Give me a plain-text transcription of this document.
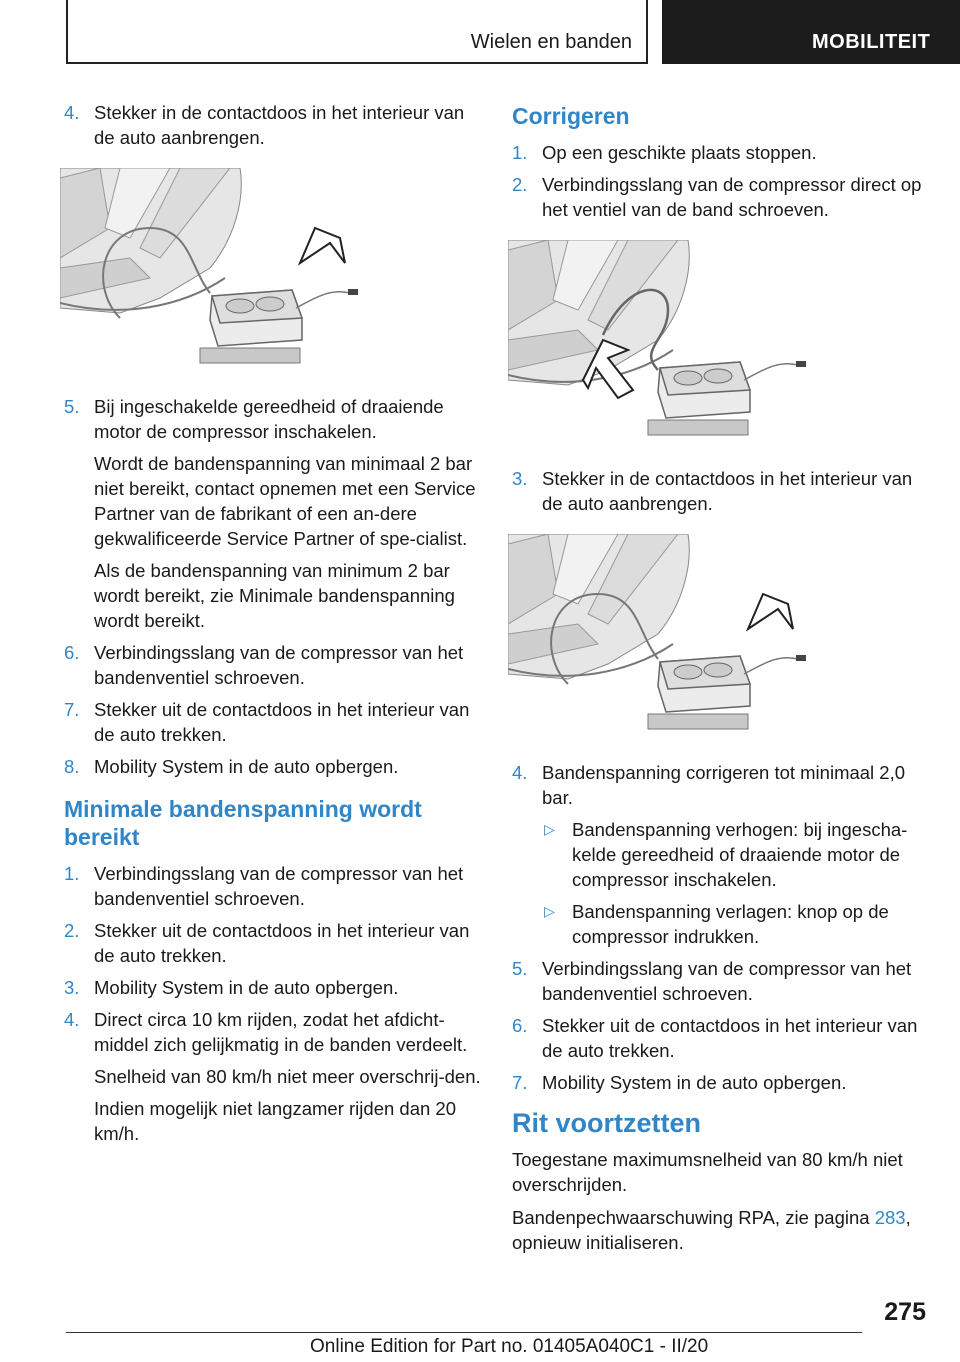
Wielen en banden	MOBILITEIT
4. Stekker in de contactdoos in het interieur van de auto aanbrengen.
5. Bij ingeschakelde gereedheid of draaiende motor de compressor inschakelen.

Wordt de bandenspanning van minimaal 2 bar niet bereikt, contact opnemen met een Service Partner van de fabrikant of een an-dere gekwalificeerde Service Partner of spe-cialist.

Als de bandenspanning van minimum 2 bar wordt bereikt, zie Minimale bandenspanning wordt bereikt.

6. Verbindingsslang van de compressor van het bandenventiel schroeven.
7. Stekker uit de contactdoos in het interieur van de auto trekken.
8. Mobility System in de auto opbergen.
Minimale bandenspanning wordt bereikt
1. Verbindingsslang van de compressor van het bandenventiel schroeven.
2. Stekker uit de contactdoos in het interieur van de auto trekken.
3. Mobility System in de auto opbergen.
4. Direct circa 10 km rijden, zodat het afdicht-middel zich gelijkmatig in de banden verdeelt.

Snelheid van 80 km/h niet meer overschrij-den.

Indien mogelijk niet langzamer rijden dan 20 km/h.

Corrigeren
1. Op een geschikte plaats stoppen.
2. Verbindingsslang van de compressor direct op het ventiel van de band schroeven.
3. Stekker in de contactdoos in het interieur van de auto aanbrengen.
4. Bandenspanning corrigeren tot minimaal 2,0 bar.
▷ Bandenspanning verhogen: bij ingescha-kelde gereedheid of draaiende motor de compressor inschakelen.
▷ Bandenspanning verlagen: knop op de compressor indrukken.
5. Verbindingsslang van de compressor van het bandenventiel schroeven.
6. Stekker uit de contactdoos in het interieur van de auto trekken.
7. Mobility System in de auto opbergen.
Rit voortzetten

Toegestane maximumsnelheid van 80 km/h niet overschrijden.

Bandenpechwaarschuwing RPA, zie pagina 283, opnieuw initialiseren.

275
Online Edition for Part no. 01405A040C1 - II/20
